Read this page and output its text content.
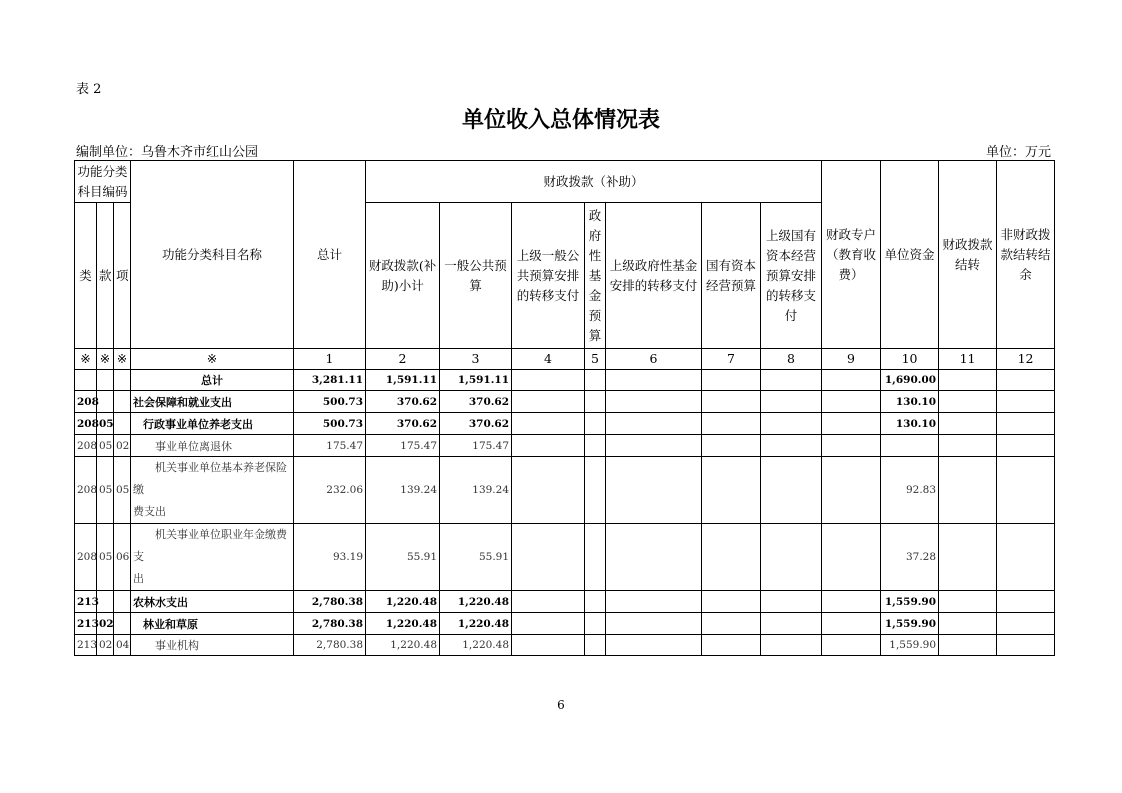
表 2
单位收入总体情况表
编制单位：乌鲁木齐市红山公园	单位：万元
功能分类科目编码			功能分类科目名称	总计	财政拨款（补助）							财政专户（教育收费）	单位资金	财政拨款结转	非财政拨款结转结余
类	款	项			财政拨款(补助)小计	一般公共预算	上级一般公共预算安排的转移支付	政府性基金预算	上级政府性基金安排的转移支付	国有资本经营预算	上级国有资本经营预算安排的转移支付				
※	※	※	※	1	2	3	4	5	6	7	8	9	10	11	12
			总计	3,281.11	1,591.11	1,591.11							1,690.00		
208			社会保障和就业支出	500.73	370.62	370.62							130.10		
208	05		行政事业单位养老支出	500.73	370.62	370.62							130.10		
208	05	02	事业单位离退休	175.47	175.47	175.47									
208	05	05	机关事业单位基本养老保险缴
费支出	232.06	139.24	139.24							92.83		
208	05	06	机关事业单位职业年金缴费支
出	93.19	55.91	55.91							37.28		
213			农林水支出	2,780.38	1,220.48	1,220.48							1,559.90		
213	02		林业和草原	2,780.38	1,220.48	1,220.48							1,559.90		
213	02	04	事业机构	2,780.38	1,220.48	1,220.48							1,559.90		
6
